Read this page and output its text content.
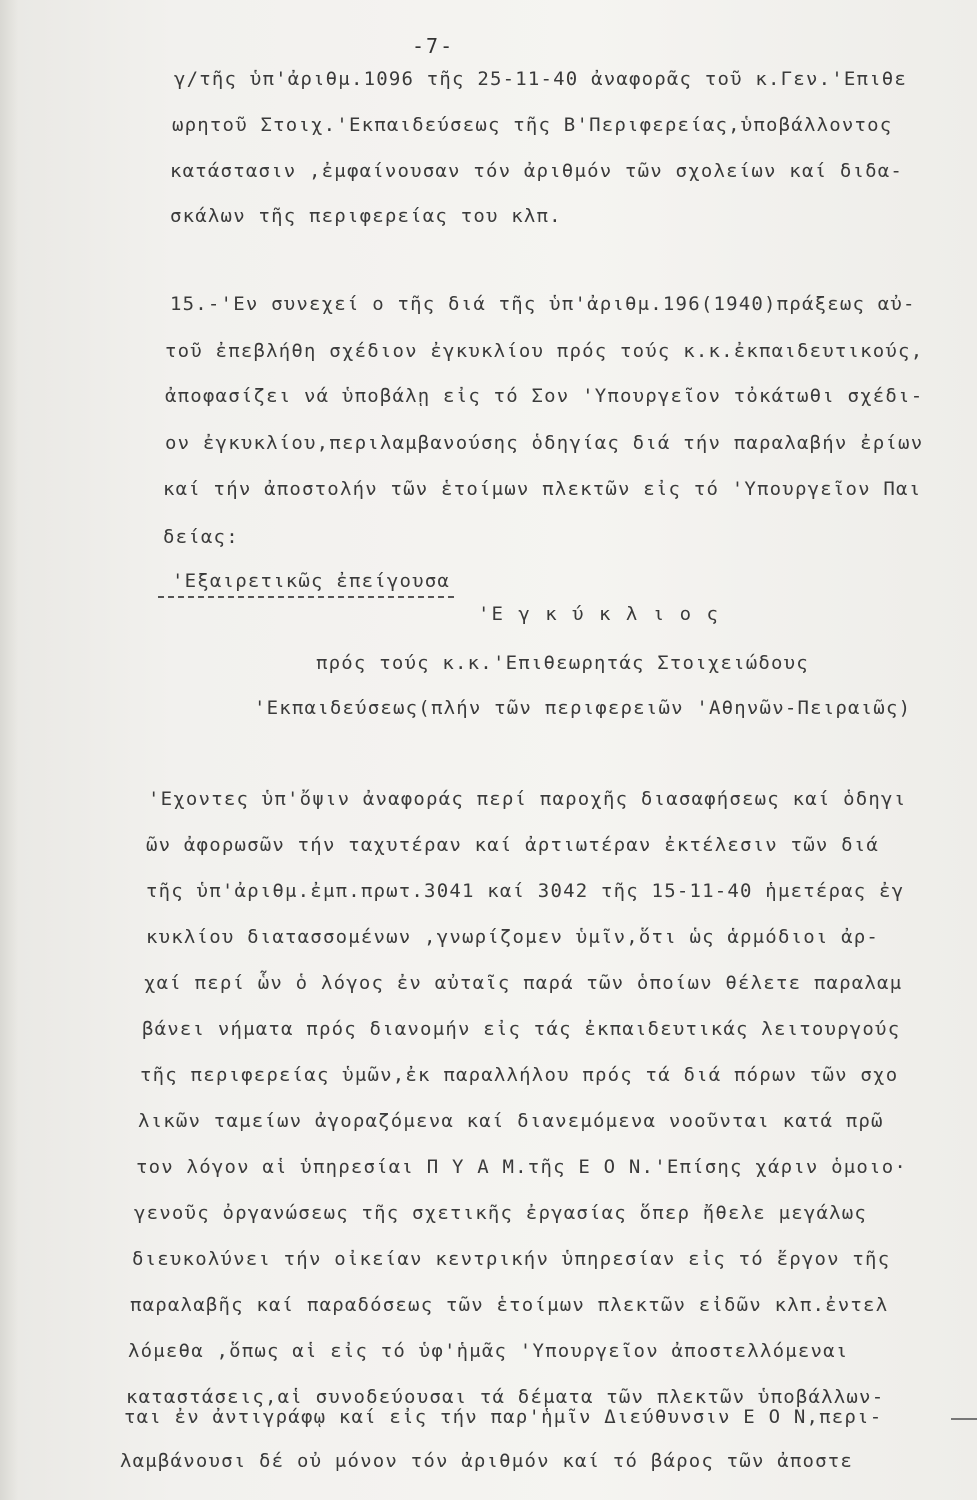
-7-
γ/τῆς ὑπ'ἀριθμ.1096 τῆς 25-11-40 ἀναφορᾶς τοῦ κ.Γεν.'Επιθε
ωρητοῦ Στοιχ.'Εκπαιδεύσεως τῆς Β'Περιφερείας,ὑποβάλλοντος
κατάστασιν ,ἐμφαίνουσαν τόν ἀριθμόν τῶν σχολείων καί διδα-
σκάλων τῆς περιφερείας του κλπ.
15.-'Εν συνεχεί ο τῆς διά τῆς ὑπ'ἀριθμ.196(1940)πράξεως αὐ-
τοῦ ἐπεβλήθη σχέδιον ἐγκυκλίου πρός τούς κ.κ.ἐκπαιδευτικούς,
ἀποφασίζει νά ὑποβάλῃ εἰς τό Σον 'Υπουργεῖον τὀκάτωθι σχέδι-
ον ἐγκυκλίου,περιλαμβανούσης ὁδηγίας διά τήν παραλαβήν ἐρίων
καί τήν ἀποστολήν τῶν ἑτοίμων πλεκτῶν εἰς τό 'Υπουργεῖον Παι
δείας:
'Εξαιρετικῶς ἐπείγουσα
'Ε γ κ ύ κ λ ι ο ς
πρός τούς κ.κ.'Επιθεωρητάς Στοιχειώδους
'Εκπαιδεύσεως(πλήν τῶν περιφερειῶν 'Αθηνῶν-Πειραιῶς)
'Εχοντες ὑπ'ὄψιν ἀναφοράς περί παροχῆς διασαφήσεως καί ὁδηγι
ῶν ἀφορωσῶν τήν ταχυτέραν καί ἀρτιωτέραν ἐκτέλεσιν τῶν διά
τῆς ὑπ'ἀριθμ.ἐμπ.πρωτ.3041 καί 3042 τῆς 15-11-40 ἡμετέρας ἐγ
κυκλίου διατασσομένων ,γνωρίζομεν ὑμῖν,ὅτι ὡς ἁρμόδιοι ἀρ-
χαί περί ὧν ὁ λόγος ἐν αὐταῖς παρά τῶν ὁποίων θέλετε παραλαμ
βάνει νήματα πρός διανομήν εἰς τάς ἐκπαιδευτικάς λειτουργούς
τῆς περιφερείας ὑμῶν,ἐκ παραλλήλου πρός τά διά πόρων τῶν σχο
λικῶν ταμείων ἀγοραζόμενα καί διανεμόμενα νοοῦνται κατά πρῶ
τον λόγον αἱ ὑπηρεσίαι Π Υ Α Μ.τῆς Ε Ο Ν.'Επίσης χάριν ὁμοιο·
γενοῦς ὀργανώσεως τῆς σχετικῆς ἐργασίας ὅπερ ἤθελε μεγάλως
διευκολύνει τήν οἰκείαν κεντρικήν ὑπηρεσίαν εἰς τό ἔργον τῆς
παραλαβῆς καί παραδόσεως τῶν ἑτοίμων πλεκτῶν εἰδῶν κλπ.ἐντελ
λόμεθα ,ὅπως αἱ εἰς τό ὑφ'ἡμᾶς 'Υπουργεῖον ἀποστελλόμεναι
καταστάσεις,αἱ συνοδεύουσαι τά δέματα τῶν πλεκτῶν ὑποβάλλων-
ται ἐν ἀντιγράφῳ καί εἰς τήν παρ'ἡμῖν Διεύθυνσιν Ε Ο Ν,περι-
λαμβάνουσι δέ οὐ μόνον τόν ἀριθμόν καί τό βάρος τῶν ἀποστε
